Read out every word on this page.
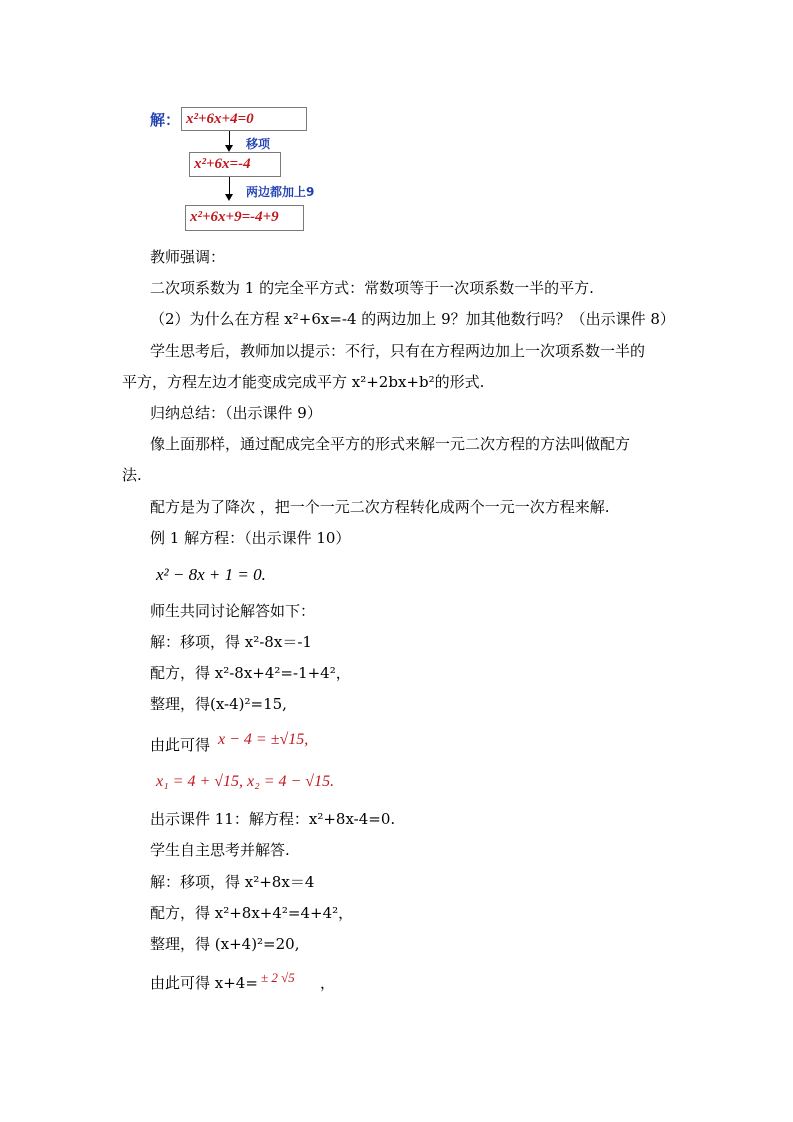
解： x²+6x+4=0
移项
x²+6x=-4
两边都加上9
x²+6x+9=-4+9
教师强调：
二次项系数为 1 的完全平方式：常数项等于一次项系数一半的平方.
（2）为什么在方程 x²+6x=-4 的两边加上 9？加其他数行吗？（出示课件 8）
学生思考后，教师加以提示：不行，只有在方程两边加上一次项系数一半的
平方，方程左边才能变成完成平方 x²+2bx+b²的形式.
归纳总结：（出示课件 9）
像上面那样，通过配成完全平方的形式来解一元二次方程的方法叫做配方
法.
配方是为了降次 ，把一个一元二次方程转化成两个一元一次方程来解.
例 1 解方程：（出示课件 10）
x² − 8x + 1 = 0.
师生共同讨论解答如下：
解：移项，得 x²-8x＝-1
配方，得 x²-8x+4²=-1+4²，
整理，得(x-4)²=15,
由此可得 x − 4 = ±√15,
x₁ = 4 + √15, x₂ = 4 − √15.
出示课件 11：解方程：x²+8x-4=0.
学生自主思考并解答.
解：移项，得 x²+8x＝4
配方，得 x²+8x+4²=4+4²，
整理，得 (x+4)²=20,
由此可得 x+4= ± 2 √5 ，
